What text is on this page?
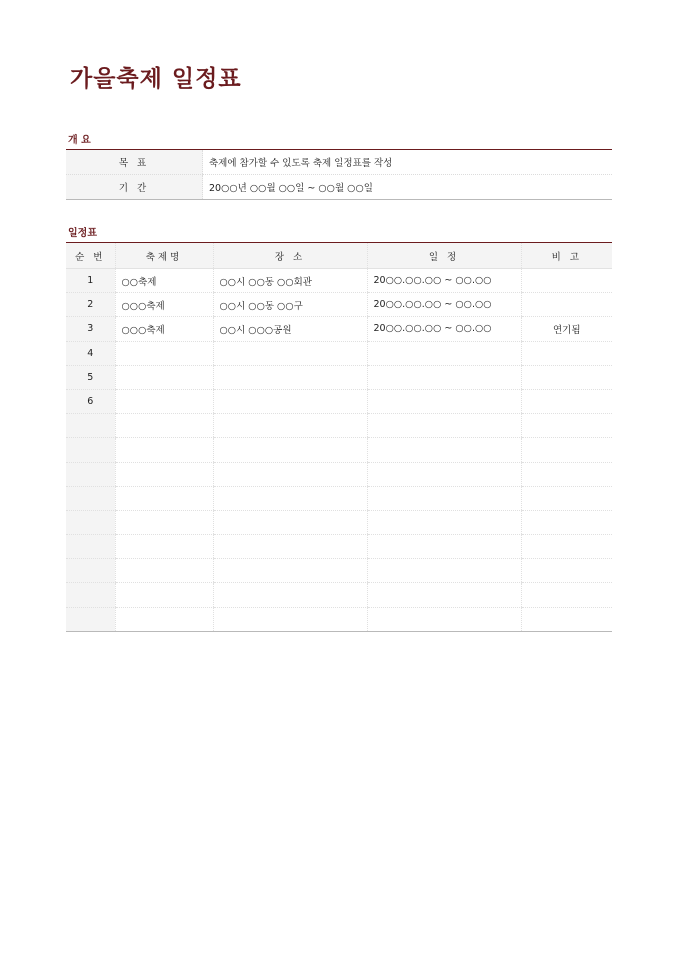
가을축제 일정표
개 요
목 표	축제에 참가할 수 있도록 축제 일정표를 작성
기 간	20○○년 ○○월 ○○일 ~ ○○월 ○○일
일정표
순 번	축제명	장 소	일 정	비 고
1	○○축제	○○시 ○○동 ○○회관	20○○.○○.○○ ~ ○○.○○	
2	○○○축제	○○시 ○○동 ○○구	20○○.○○.○○ ~ ○○.○○	
3	○○○축제	○○시 ○○○공원	20○○.○○.○○ ~ ○○.○○	연기됨
4				
5				
6				
